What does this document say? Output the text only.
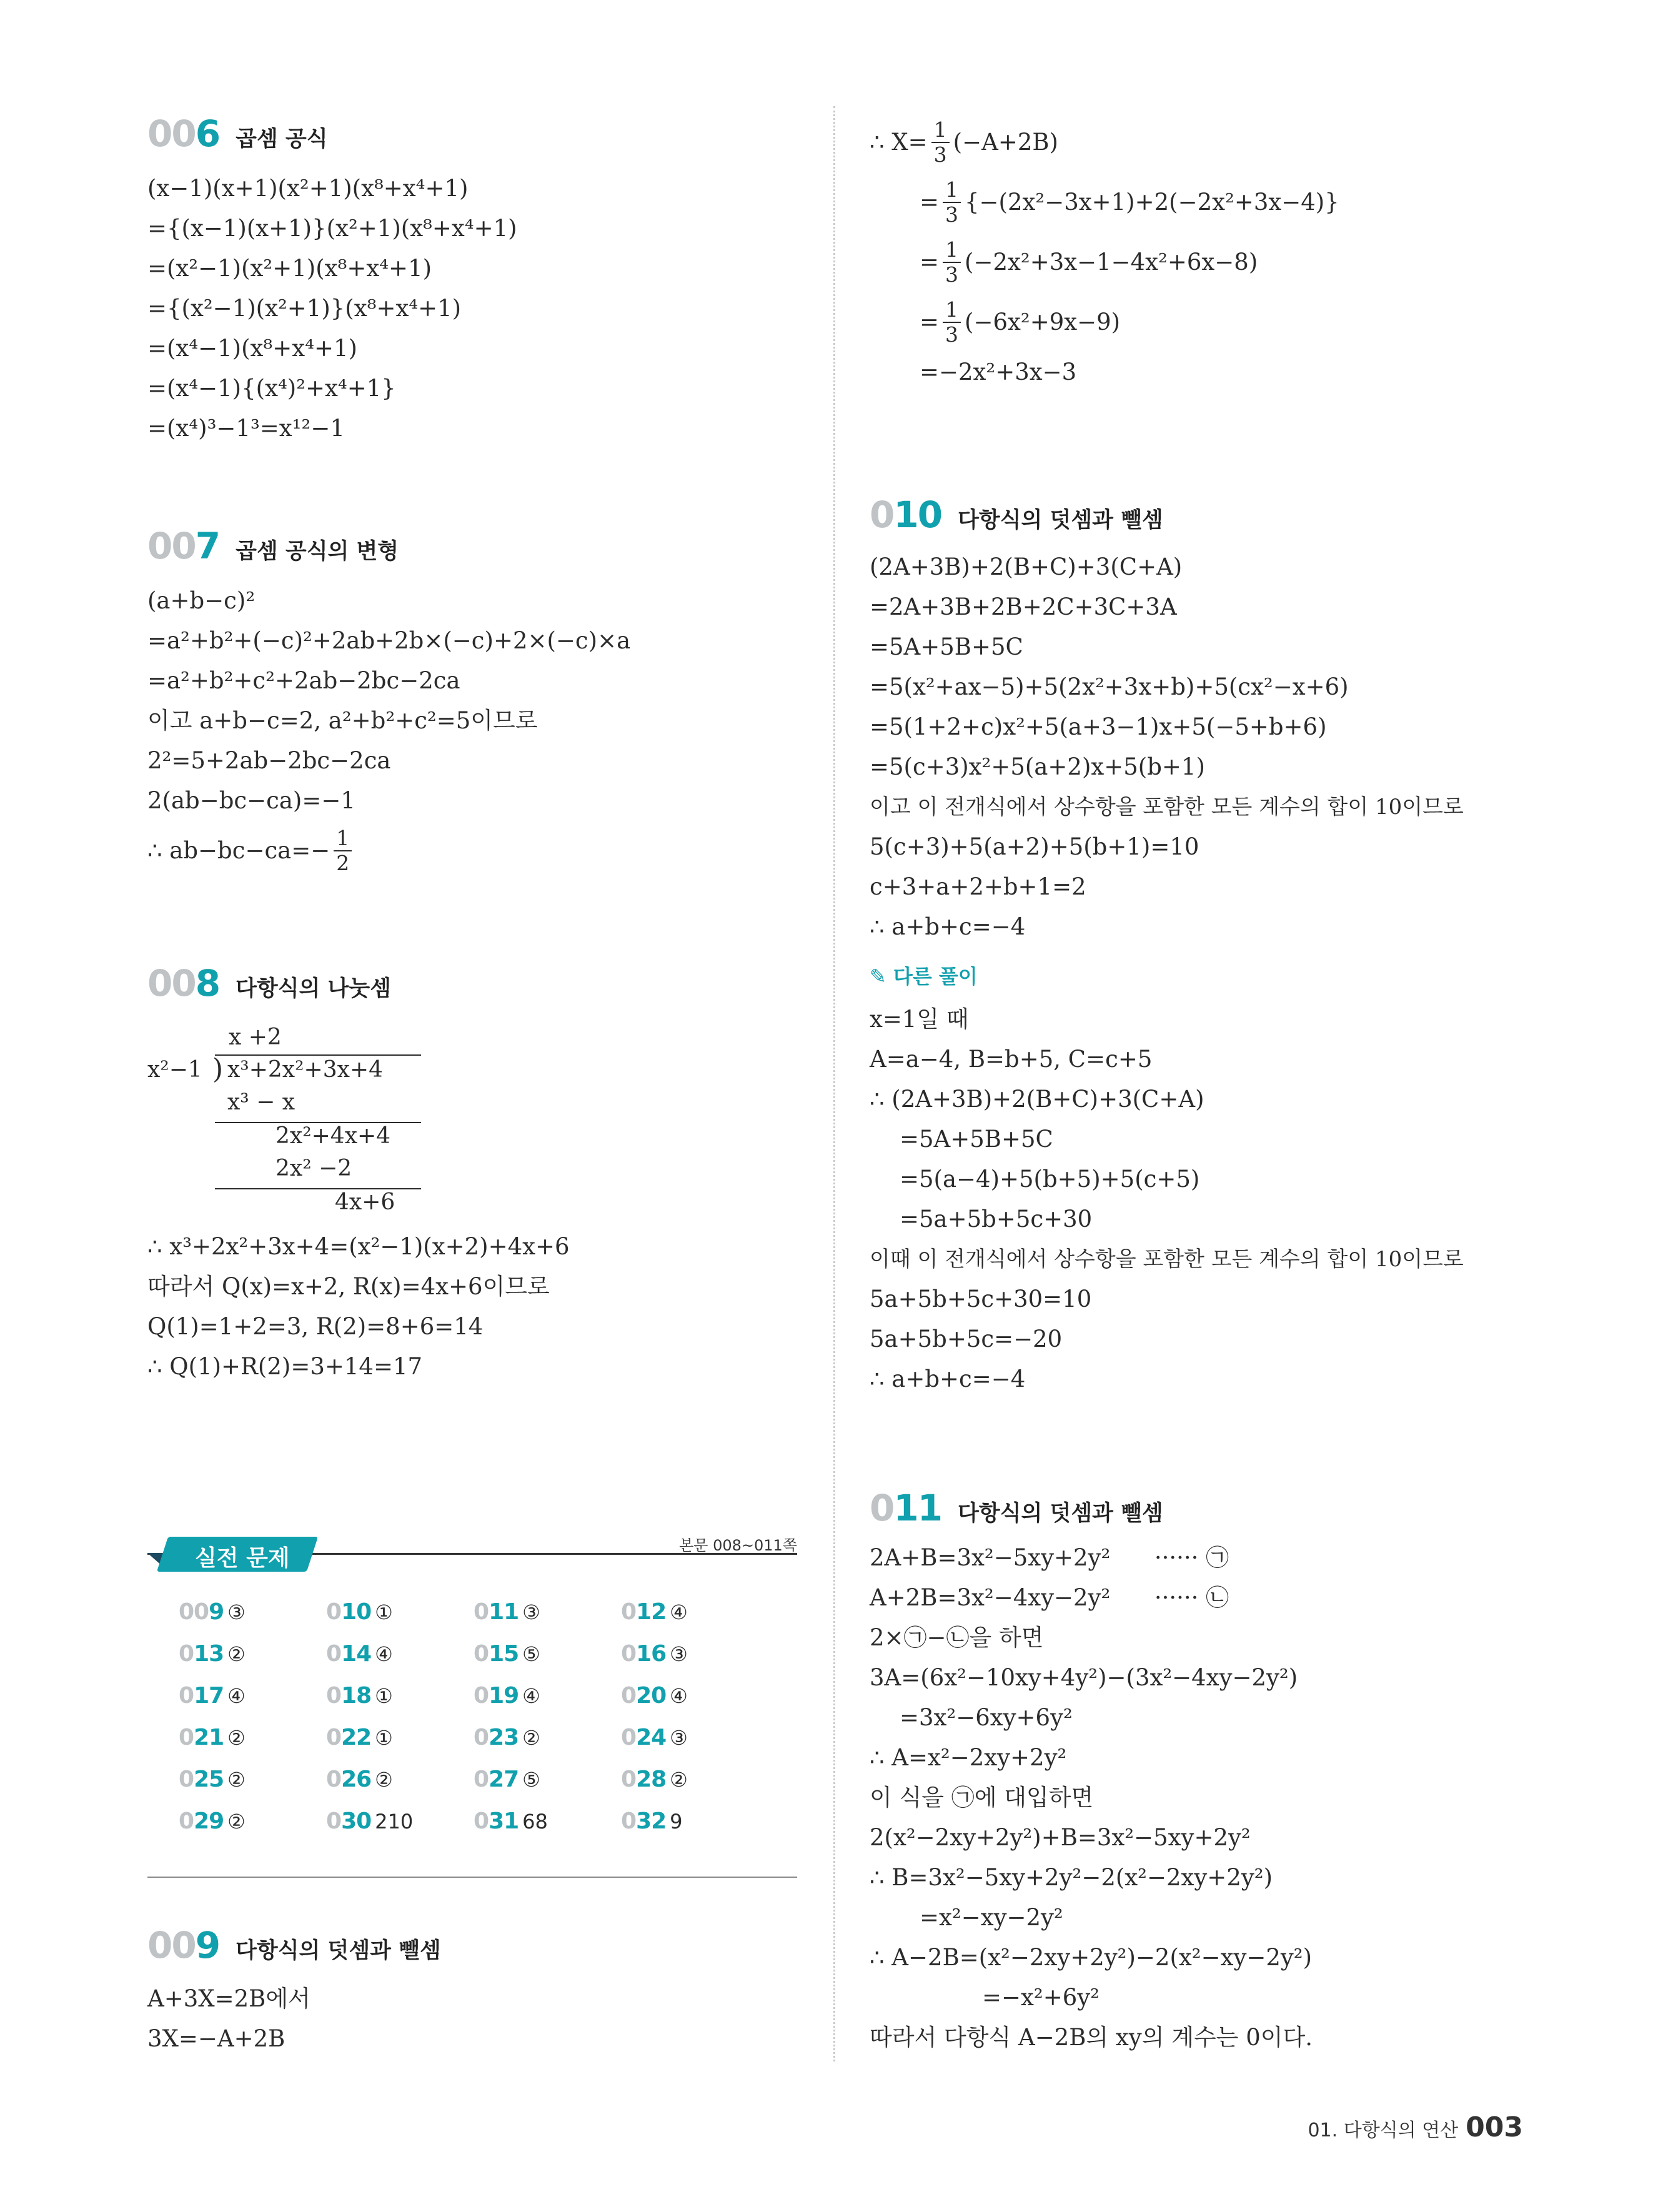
006 곱셈 공식
(x−1)(x+1)(x²+1)(x⁸+x⁴+1)
={(x−1)(x+1)}(x²+1)(x⁸+x⁴+1)
=(x²−1)(x²+1)(x⁸+x⁴+1)
={(x²−1)(x²+1)}(x⁸+x⁴+1)
=(x⁴−1)(x⁸+x⁴+1)
=(x⁴−1){(x⁴)²+x⁴+1}
=(x⁴)³−1³=x¹²−1
007 곱셈 공식의 변형
(a+b−c)²
=a²+b²+(−c)²+2ab+2b×(−c)+2×(−c)×a
=a²+b²+c²+2ab−2bc−2ca
이고 a+b−c=2, a²+b²+c²=5이므로
2²=5+2ab−2bc−2ca
2(ab−bc−ca)=−1
∴ $ab-bc-ca=- \frac{1}{2}$
008 다항식의 나눗셈
x +2
x²−1 ) x³+2x²+3x+4
x³ − x
2x²+4x+4
2x² −2
4x+6
∴ x³+2x²+3x+4=(x²−1)(x+2)+4x+6
따라서 Q(x)=x+2, R(x)=4x+6이므로
Q(1)=1+2=3, R(2)=8+6=14
∴ Q(1)+R(2)=3+14=17
실전 문제	본문 008~011쪽
009 ③	010 ①	011 ③	012 ④
013 ②	014 ④	015 ⑤	016 ③
017 ④	018 ①	019 ④	020 ④
021 ②	022 ①	023 ②	024 ③
025 ②	026 ②	027 ⑤	028 ②
029 ②	030 210	031 68	032 9
009 다항식의 덧셈과 뺄셈
A+3X=2B에서
3X=−A+2B
∴ $X= \frac{1}{3} (-A+2B)$
= $\frac{1}{3} \{-(2x^2-3x+1)+2(-2x^2+3x-4)\}$
= $\frac{1}{3} (-2x^2+3x-1-4x^2+6x-8)$
= $\frac{1}{3} (-6x^2+9x-9)$
=−2x²+3x−3
010 다항식의 덧셈과 뺄셈
(2A+3B)+2(B+C)+3(C+A)
=2A+3B+2B+2C+3C+3A
=5A+5B+5C
=5(x²+ax−5)+5(2x²+3x+b)+5(cx²−x+6)
=5(1+2+c)x²+5(a+3−1)x+5(−5+b+6)
=5(c+3)x²+5(a+2)x+5(b+1)
이고 이 전개식에서 상수항을 포함한 모든 계수의 합이 10이므로
5(c+3)+5(a+2)+5(b+1)=10
c+3+a+2+b+1=2
∴ a+b+c=−4
✎ 다른 풀이
x=1일 때
A=a−4, B=b+5, C=c+5
∴ (2A+3B)+2(B+C)+3(C+A)
=5A+5B+5C
=5(a−4)+5(b+5)+5(c+5)
=5a+5b+5c+30
이때 이 전개식에서 상수항을 포함한 모든 계수의 합이 10이므로
5a+5b+5c+30=10
5a+5b+5c=−20
∴ a+b+c=−4
011 다항식의 덧셈과 뺄셈
2A+B=3x²−5xy+2y²      ······ ㉠
A+2B=3x²−4xy−2y²      ······ ㉡
2×㉠−㉡을 하면
3A=(6x²−10xy+4y²)−(3x²−4xy−2y²)
=3x²−6xy+6y²
∴ A=x²−2xy+2y²
이 식을 ㉠에 대입하면
2(x²−2xy+2y²)+B=3x²−5xy+2y²
∴ B=3x²−5xy+2y²−2(x²−2xy+2y²)
=x²−xy−2y²
∴ A−2B=(x²−2xy+2y²)−2(x²−xy−2y²)
=−x²+6y²
따라서 다항식 A−2B의 xy의 계수는 0이다.
01. 다항식의 연산 003
